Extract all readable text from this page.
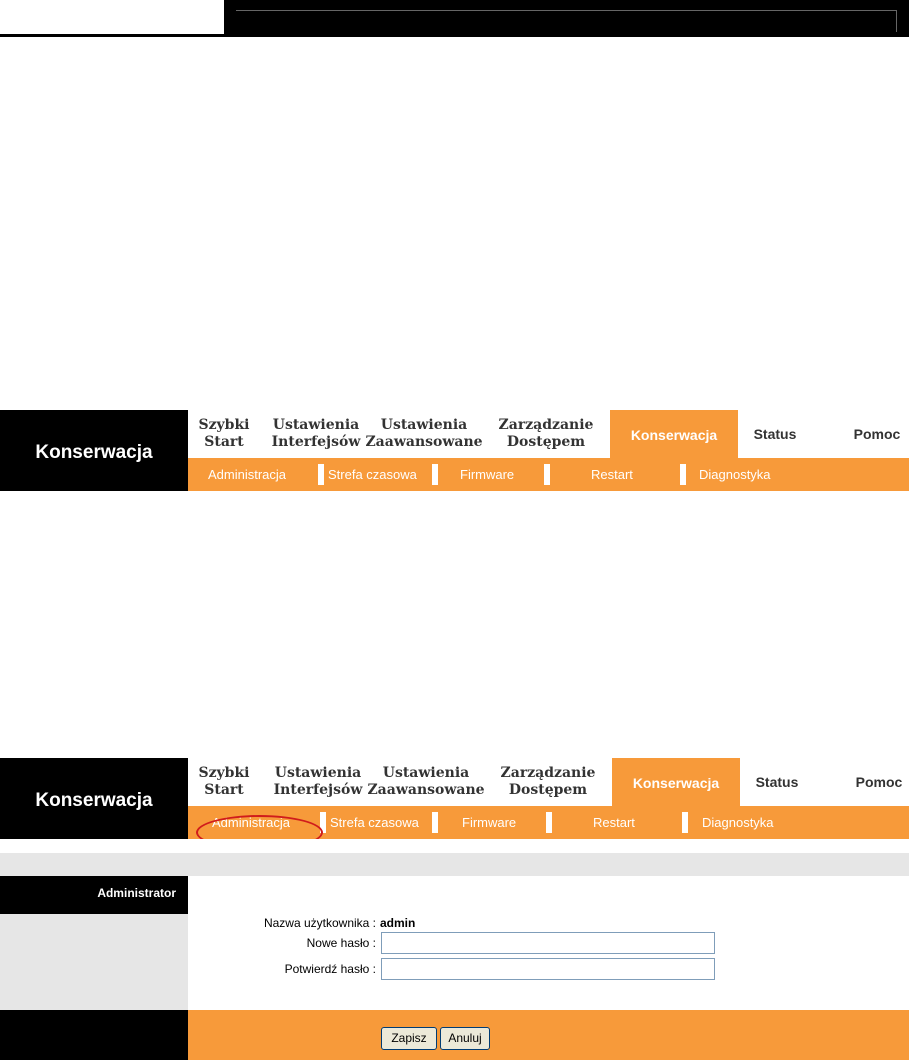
Konserwacja
Szybki
Start
Ustawienia
Interfejsów
Ustawienia
Zaawansowane
Zarządzanie
Dostępem	Konserwacja	Status	Pomoc
Administracja	Strefa czasowa	Firmware	Restart	Diagnostyka
Konserwacja
Szybki
Start
Ustawienia
Interfejsów
Ustawienia
Zaawansowane
Zarządzanie
Dostępem	Konserwacja	Status	Pomoc
Administracja	Strefa czasowa	Firmware	Restart	Diagnostyka
Administrator
Nazwa użytkownika : admin
Nowe hasło :
Potwierdź hasło :
Zapisz	Anuluj
